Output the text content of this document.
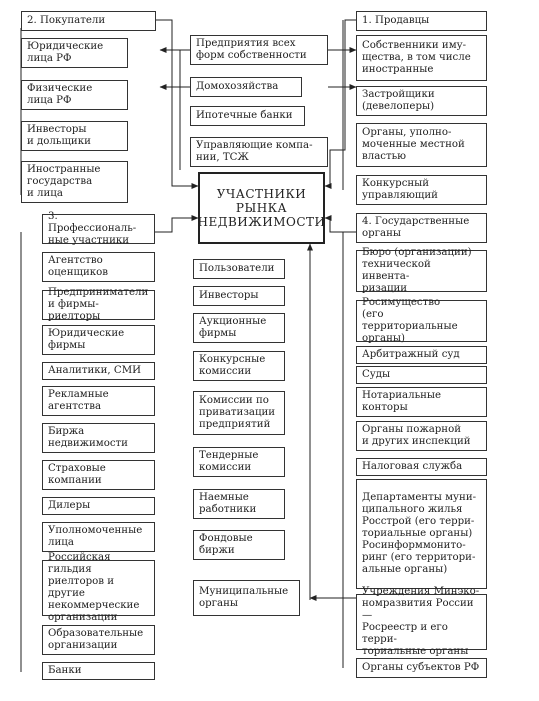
2. Покупатели
Юридические
лица РФ
Физические
лица РФ
Инвесторы
и дольщики
Иностранные
государства
и лица
3. Профессиональ-
ные участники
Агентство
оценщиков
Предприниматели
и фирмы-риелторы
Юридические
фирмы
Аналитики, СМИ
Рекламные
агентства
Биржа
недвижимости
Страховые
компании
Дилеры
Уполномоченные
лица
Российская гильдия
риелторов и другие
некоммерческие
организации
Образовательные
организации
Банки
Предприятия всех
форм собственности
Домохозяйства
Ипотечные банки
Управляющие компа-
нии, ТСЖ
УЧАСТНИКИ
РЫНКА
НЕДВИЖИМОСТИ
Пользователи
Инвесторы
Аукционные
фирмы
Конкурсные
комиссии
Комиссии по
приватизации
предприятий
Тендерные
комиссии
Наемные
работники
Фондовые
биржи
Муниципальные
органы
1. Продавцы
Собственники иму-
щества, в том числе
иностранные
Застройщики
(девелоперы)
Органы, уполно-
моченные местной
властью
Конкурсный
управляющий
4. Государственные
органы
Бюро (организации)
технической инвента-
ризации
Росимущество
(его территориальные
органы)
Арбитражный суд
Суды
Нотариальные
конторы
Органы пожарной
и других инспекций
Налоговая служба
Департаменты муни-
ципального жилья
Росстрой (его терри-
ториальные органы)
Росинформмонито-
ринг (его территори-
альные органы)
Учреждения Минэко-
номразвития России —
Росреестр и его терри-
ториальные органы
Органы субъектов РФ
